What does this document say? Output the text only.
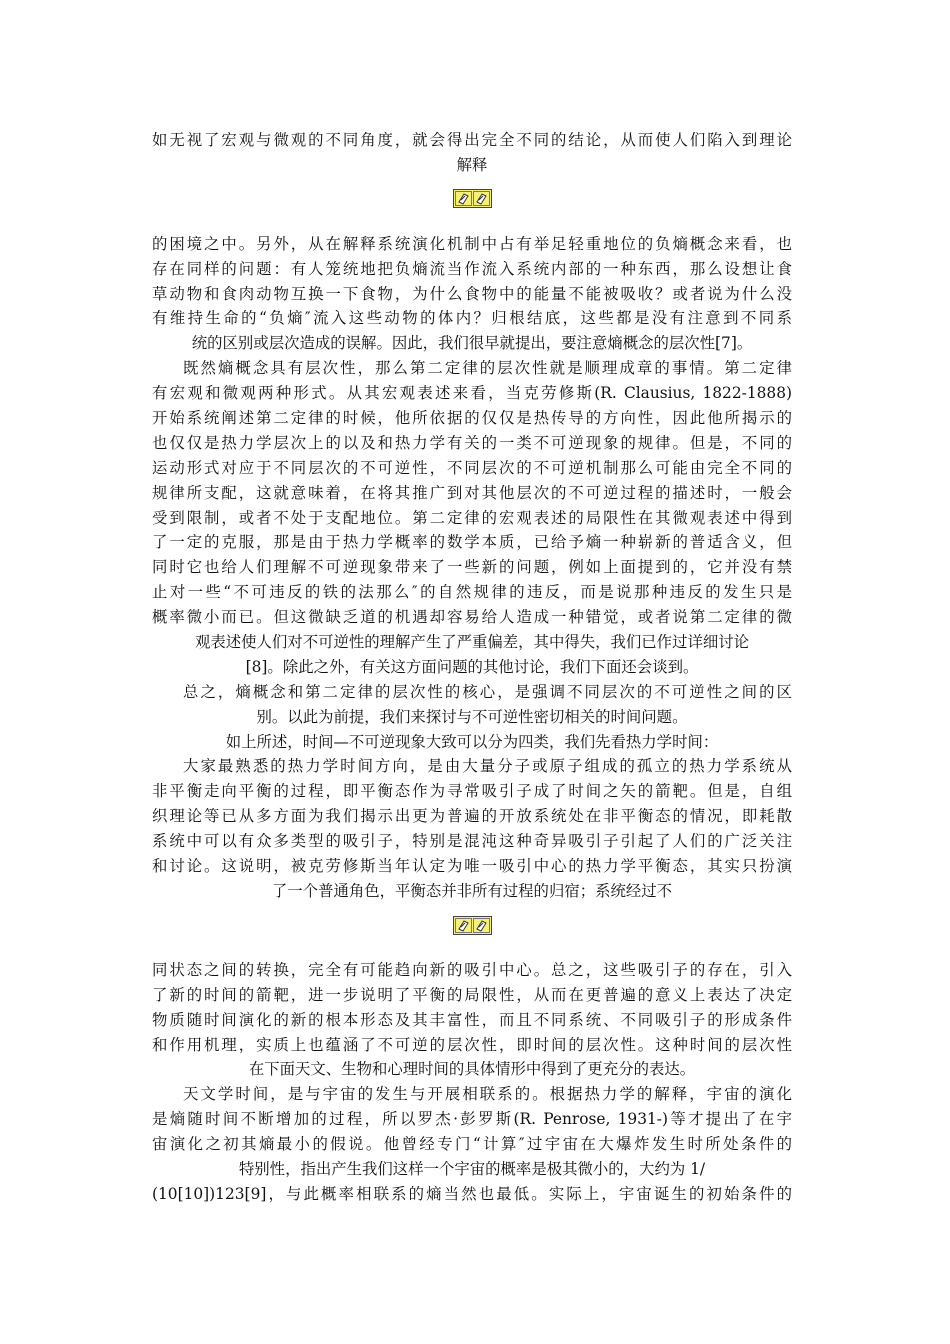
如无视了宏观与微观的不同角度，就会得出完全不同的结论，从而使人们陷入到理论
解释
的困境之中。另外，从在解释系统演化机制中占有举足轻重地位的负熵概念来看，也
存在同样的问题：有人笼统地把负熵流当作流入系统内部的一种东西，那么设想让食
草动物和食肉动物互换一下食物，为什么食物中的能量不能被吸收？或者说为什么没
有维持生命的“负熵″流入这些动物的体内？归根结底，这些都是没有注意到不同系
统的区别或层次造成的误解。因此，我们很早就提出，要注意熵概念的层次性[7]。
既然熵概念具有层次性，那么第二定律的层次性就是顺理成章的事情。第二定律
有宏观和微观两种形式。从其宏观表述来看，当克劳修斯(R. Clausius, 1822-1888)
开始系统阐述第二定律的时候，他所依据的仅仅是热传导的方向性，因此他所揭示的
也仅仅是热力学层次上的以及和热力学有关的一类不可逆现象的规律。但是，不同的
运动形式对应于不同层次的不可逆性，不同层次的不可逆机制那么可能由完全不同的
规律所支配，这就意味着，在将其推广到对其他层次的不可逆过程的描述时，一般会
受到限制，或者不处于支配地位。第二定律的宏观表述的局限性在其微观表述中得到
了一定的克服，那是由于热力学概率的数学本质，已给予熵一种崭新的普适含义，但
同时它也给人们理解不可逆现象带来了一些新的问题，例如上面提到的，它并没有禁
止对一些“不可违反的铁的法那么″的自然规律的违反，而是说那种违反的发生只是
概率微小而已。但这微缺乏道的机遇却容易给人造成一种错觉，或者说第二定律的微
观表述使人们对不可逆性的理解产生了严重偏差，其中得失，我们已作过详细讨论
[8]。除此之外，有关这方面问题的其他讨论，我们下面还会谈到。
总之，熵概念和第二定律的层次性的核心，是强调不同层次的不可逆性之间的区
别。以此为前提，我们来探讨与不可逆性密切相关的时间问题。
如上所述，时间—不可逆现象大致可以分为四类，我们先看热力学时间：
大家最熟悉的热力学时间方向，是由大量分子或原子组成的孤立的热力学系统从
非平衡走向平衡的过程，即平衡态作为寻常吸引子成了时间之矢的箭靶。但是，自组
织理论等已从多方面为我们揭示出更为普遍的开放系统处在非平衡态的情况，即耗散
系统中可以有众多类型的吸引子，特别是混沌这种奇异吸引子引起了人们的广泛关注
和讨论。这说明，被克劳修斯当年认定为唯一吸引中心的热力学平衡态，其实只扮演
了一个普通角色，平衡态并非所有过程的归宿；系统经过不
同状态之间的转换，完全有可能趋向新的吸引中心。总之，这些吸引子的存在，引入
了新的时间的箭靶，进一步说明了平衡的局限性，从而在更普遍的意义上表达了决定
物质随时间演化的新的根本形态及其丰富性，而且不同系统、不同吸引子的形成条件
和作用机理，实质上也蕴涵了不可逆的层次性，即时间的层次性。这种时间的层次性
在下面天文、生物和心理时间的具体情形中得到了更充分的表达。
天文学时间，是与宇宙的发生与开展相联系的。根据热力学的解释，宇宙的演化
是熵随时间不断增加的过程，所以罗杰·彭罗斯(R. Penrose, 1931-)等才提出了在宇
宙演化之初其熵最小的假说。他曾经专门“计算″过宇宙在大爆炸发生时所处条件的
特别性，指出产生我们这样一个宇宙的概率是极其微小的，大约为 1/
(10[10])123[9]，与此概率相联系的熵当然也最低。实际上，宇宙诞生的初始条件的
